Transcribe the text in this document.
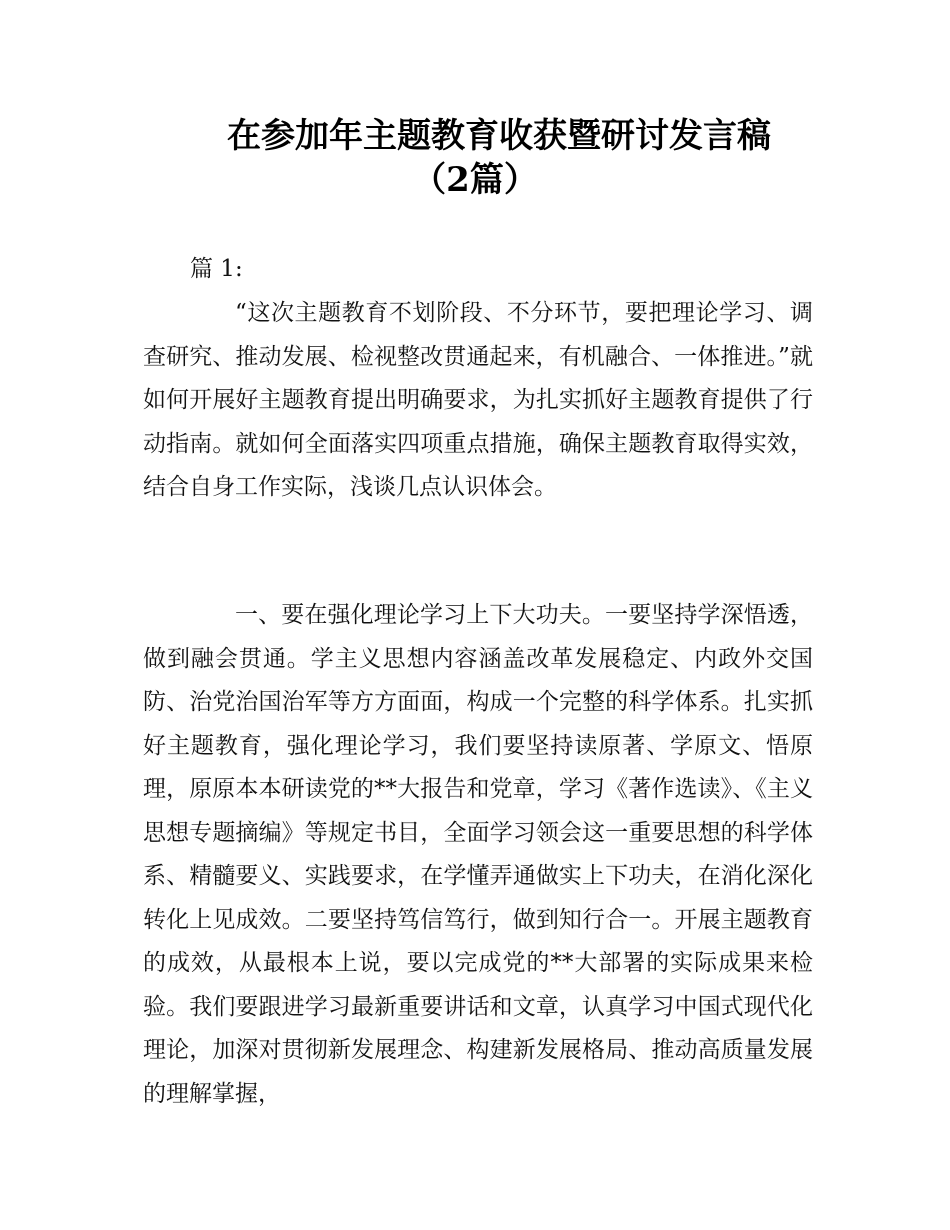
在参加年主题教育收获暨研讨发言稿
（2篇）
篇 1:

“这次主题教育不划阶段、不分环节，要把理论学习、调查研究、推动发展、检视整改贯通起来，有机融合、一体推进。”就如何开展好主题教育提出明确要求，为扎实抓好主题教育提供了行动指南。就如何全面落实四项重点措施，确保主题教育取得实效，结合自身工作实际，浅谈几点认识体会。

一、要在强化理论学习上下大功夫。一要坚持学深悟透，做到融会贯通。学主义思想内容涵盖改革发展稳定、内政外交国防、治党治国治军等方方面面，构成一个完整的科学体系。扎实抓好主题教育，强化理论学习，我们要坚持读原著、学原文、悟原理，原原本本研读党的**大报告和党章，学习《著作选读》、《主义思想专题摘编》等规定书目，全面学习领会这一重要思想的科学体系、精髓要义、实践要求，在学懂弄通做实上下功夫，在消化深化转化上见成效。二要坚持笃信笃行，做到知行合一。开展主题教育的成效，从最根本上说，要以完成党的**大部署的实际成果来检验。我们要跟进学习最新重要讲话和文章，认真学习中国式现代化理论，加深对贯彻新发展理念、构建新发展格局、推动高质量发展的理解掌握，
